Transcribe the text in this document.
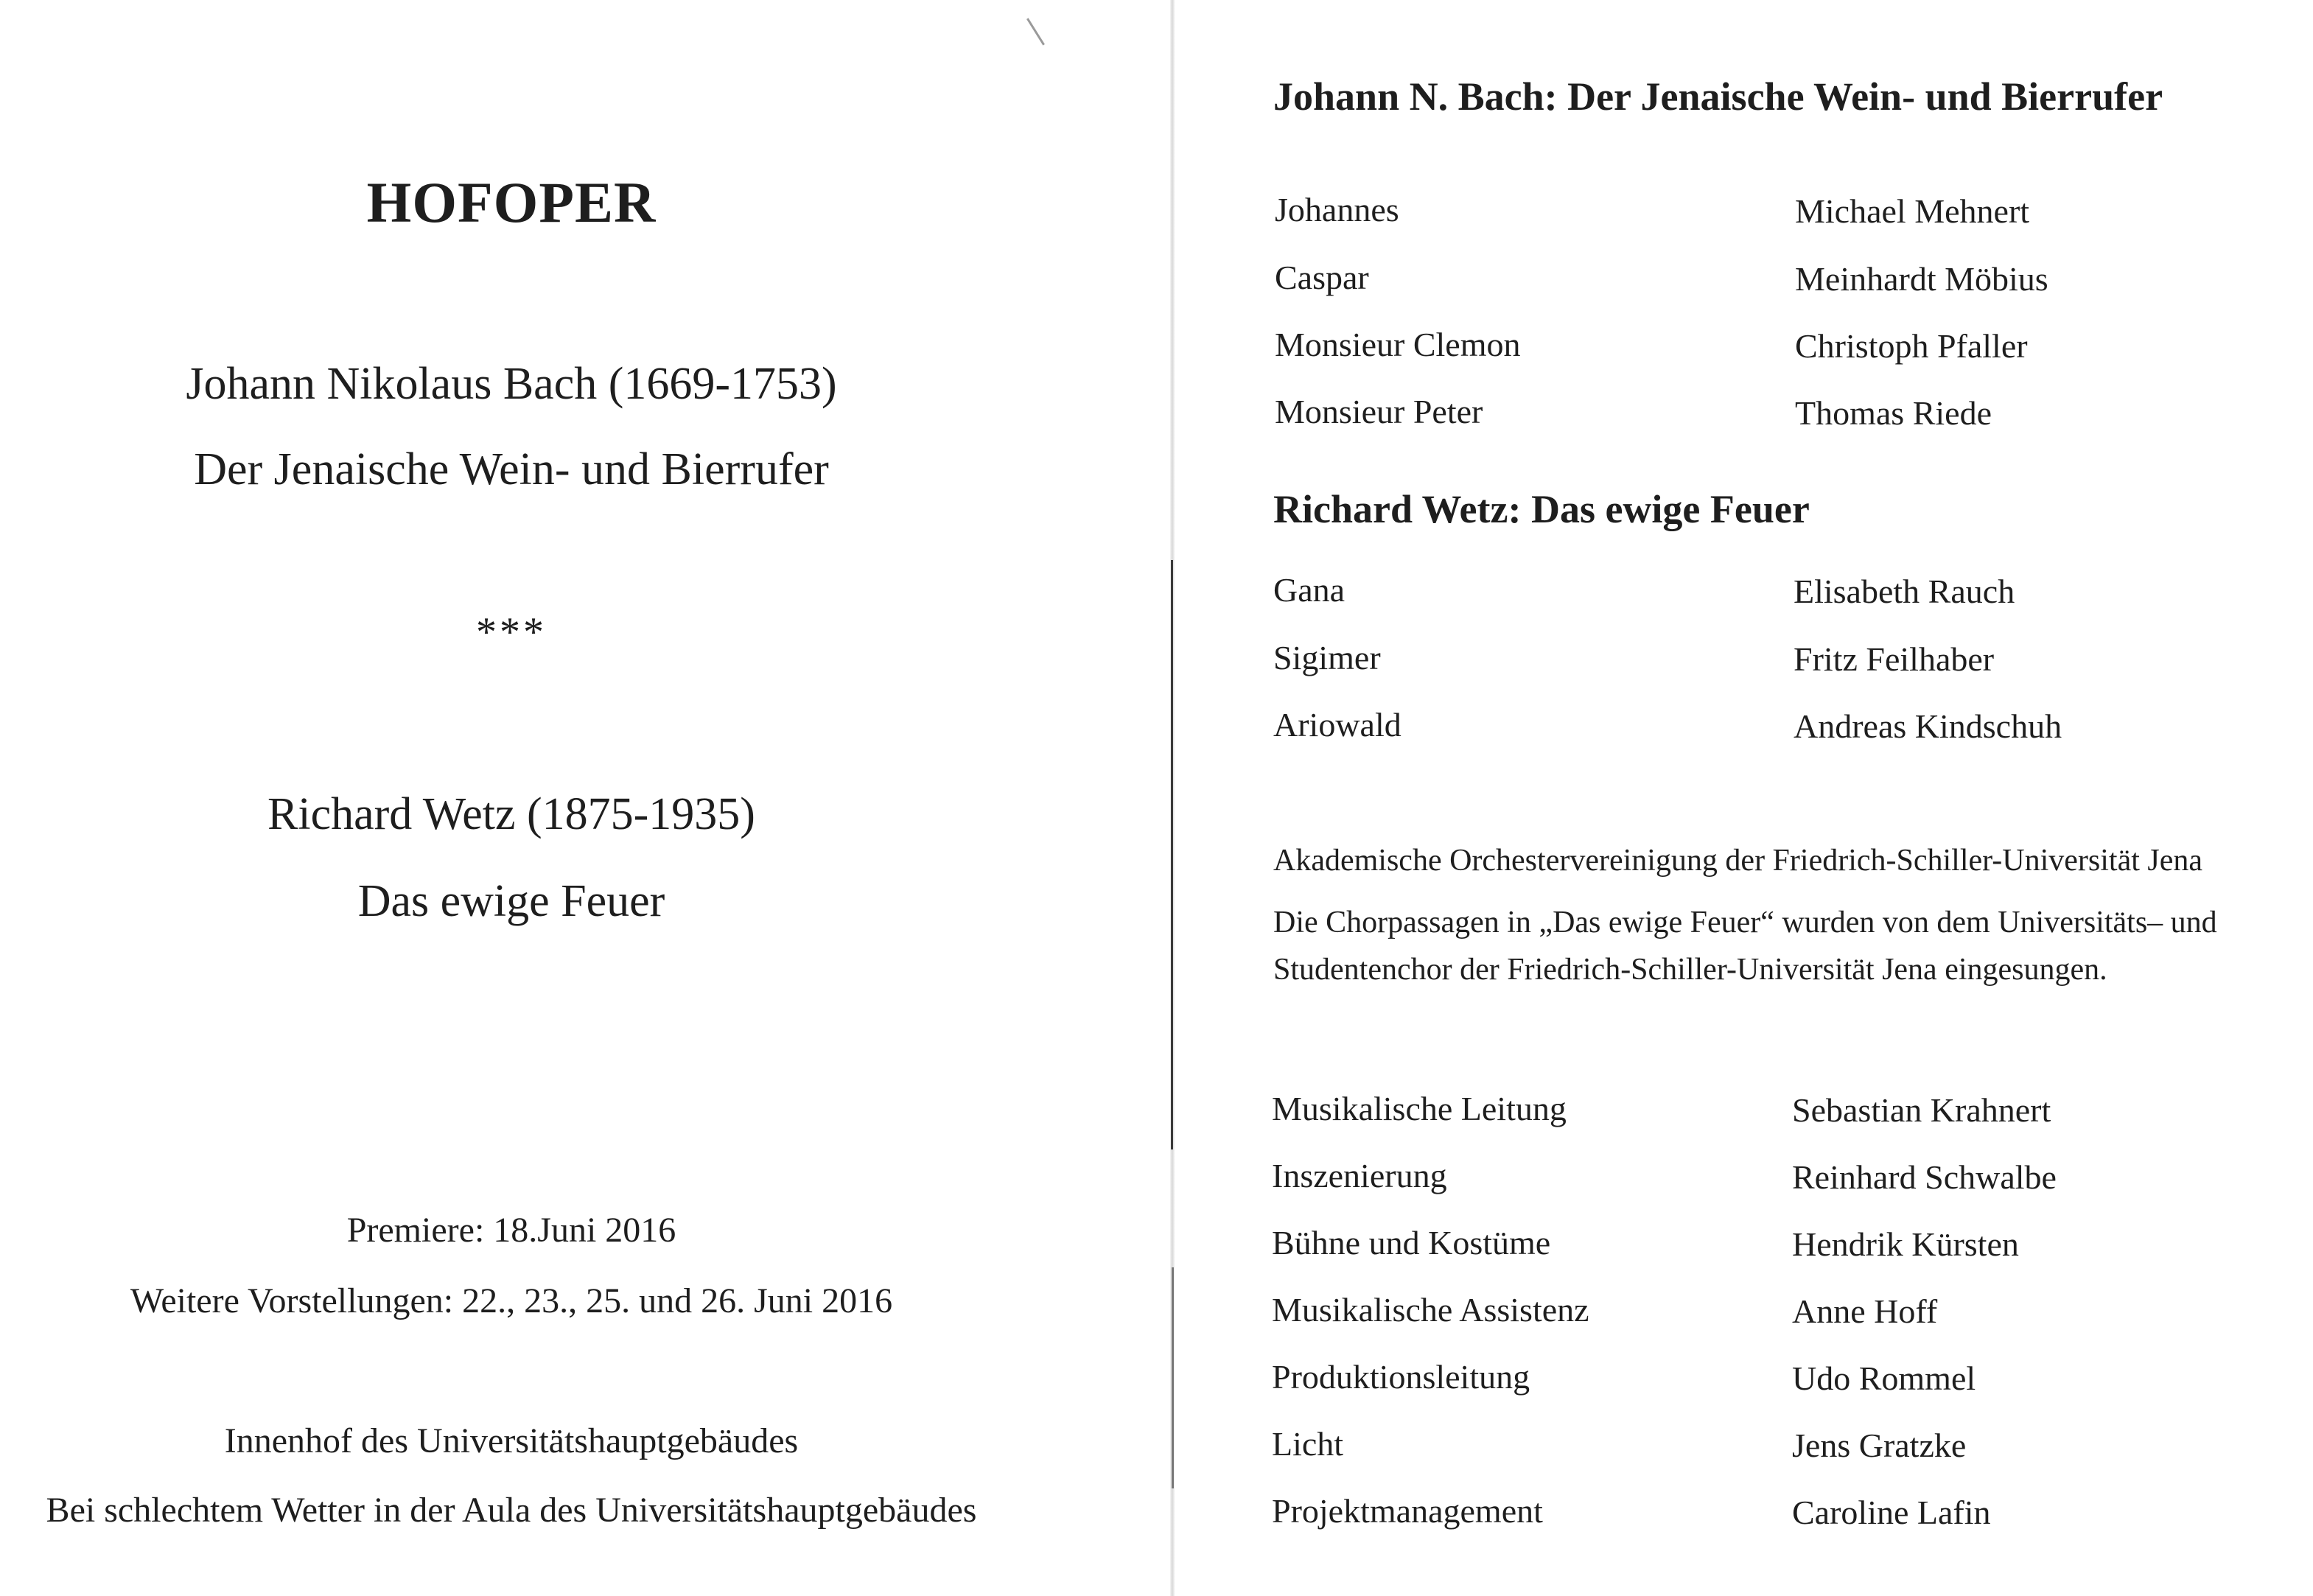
HOFOPER
Johann Nikolaus Bach (1669-1753)
Der Jenaische Wein- und Bierrufer
***
Richard Wetz (1875-1935)
Das ewige Feuer
Premiere: 18.Juni 2016
Weitere Vorstellungen: 22., 23., 25. und 26. Juni 2016
Innenhof des Universitätshauptgebäudes
Bei schlechtem Wetter in der Aula des Universitätshauptgebäudes
Johann N. Bach: Der Jenaische Wein- und Bierrufer
Johannes	Michael Mehnert
Caspar	Meinhardt Möbius
Monsieur Clemon	Christoph Pfaller
Monsieur Peter	Thomas Riede
Richard Wetz: Das ewige Feuer
Gana	Elisabeth Rauch
Sigimer	Fritz Feilhaber
Ariowald	Andreas Kindschuh
Akademische Orchestervereinigung der Friedrich-Schiller-Universität Jena
Die Chorpassagen in „Das ewige Feuer“ wurden von dem Universitäts– und
Studentenchor der Friedrich-Schiller-Universität Jena eingesungen.
Musikalische Leitung	Sebastian Krahnert
Inszenierung	Reinhard Schwalbe
Bühne und Kostüme	Hendrik Kürsten
Musikalische Assistenz	Anne Hoff
Produktionsleitung	Udo Rommel
Licht	Jens Gratzke
Projektmanagement	Caroline Lafin
